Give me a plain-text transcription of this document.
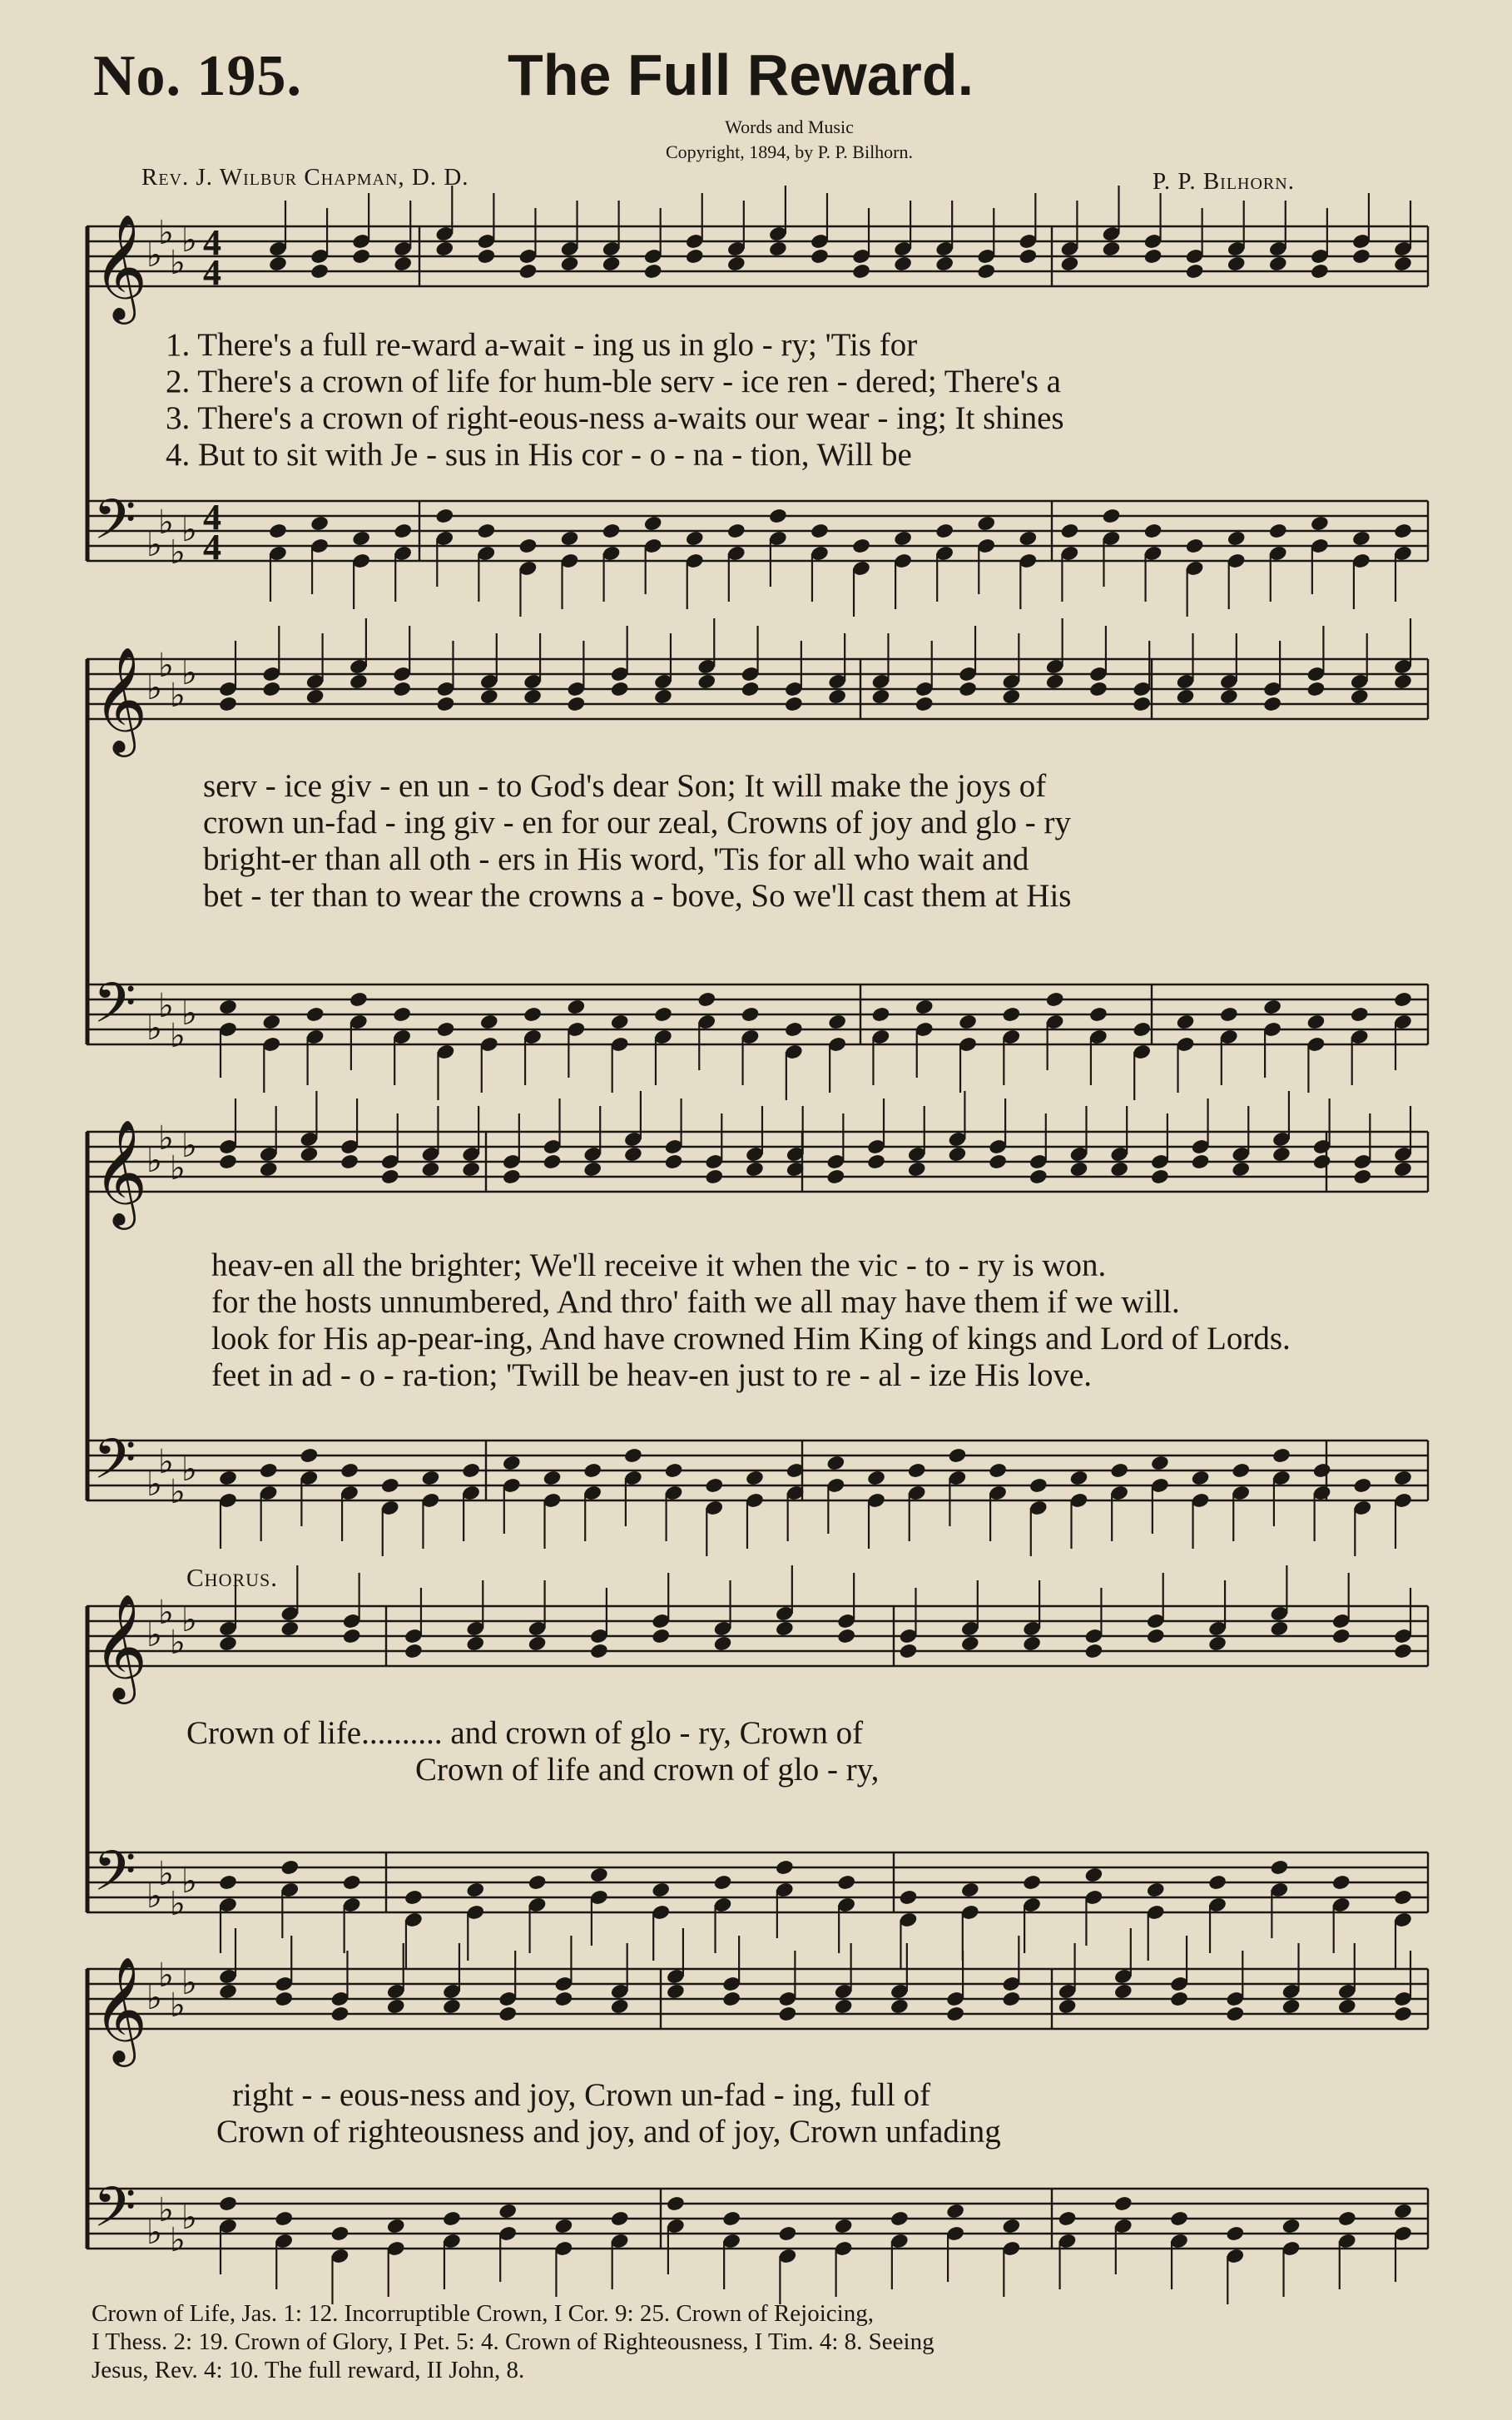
No. 195.	The Full Reward.
Words and Music
Copyright, 1894, by P. P. Bilhorn.
Rev. J. Wilbur Chapman, D. D.	P. P. Bilhorn.
𝄞
𝄢
♭
♭
♭
♭
♭
♭
♭
♭
4
4
4
4
1. There's a full re-ward a-wait - ing us in glo - ry; 'Tis for
2. There's a crown of life for hum-ble serv - ice ren - dered; There's a
3. There's a crown of right-eous-ness a-waits our wear - ing; It shines
4. But to sit with Je - sus in His cor - o - na - tion, Will be
𝄞
𝄢
♭
♭
♭
♭
♭
♭
♭
♭
serv - ice giv - en un - to God's dear Son; It will make the joys of
crown un-fad - ing giv - en for our zeal, Crowns of joy and glo - ry
bright-er than all oth - ers in His word, 'Tis for all who wait and
bet - ter than to wear the crowns a - bove, So we'll cast them at His
𝄞
𝄢
♭
♭
♭
♭
♭
♭
♭
♭
heav-en all the brighter; We'll receive it when the vic - to - ry is won.
for the hosts unnumbered, And thro' faith we all may have them if we will.
look for His ap-pear-ing, And have crowned Him King of kings and Lord of Lords.
feet in ad - o - ra-tion; 'Twill be heav-en just to re - al - ize His love.
Chorus.
𝄞
𝄢
♭
♭
♭
♭
♭
♭
♭
♭
Crown of life.......... and crown of glo - ry, Crown of
Crown of life and crown of glo - ry,
𝄞
𝄢
♭
♭
♭
♭
♭
♭
♭
♭
right - - eous-ness and joy, Crown un-fad - ing, full of
Crown of righteousness and joy, and of joy, Crown unfading
Crown of Life, Jas. 1: 12. Incorruptible Crown, I Cor. 9: 25. Crown of Rejoicing,
I Thess. 2: 19. Crown of Glory, I Pet. 5: 4. Crown of Righteousness, I Tim. 4: 8. Seeing
Jesus, Rev. 4: 10. The full reward, II John, 8.
